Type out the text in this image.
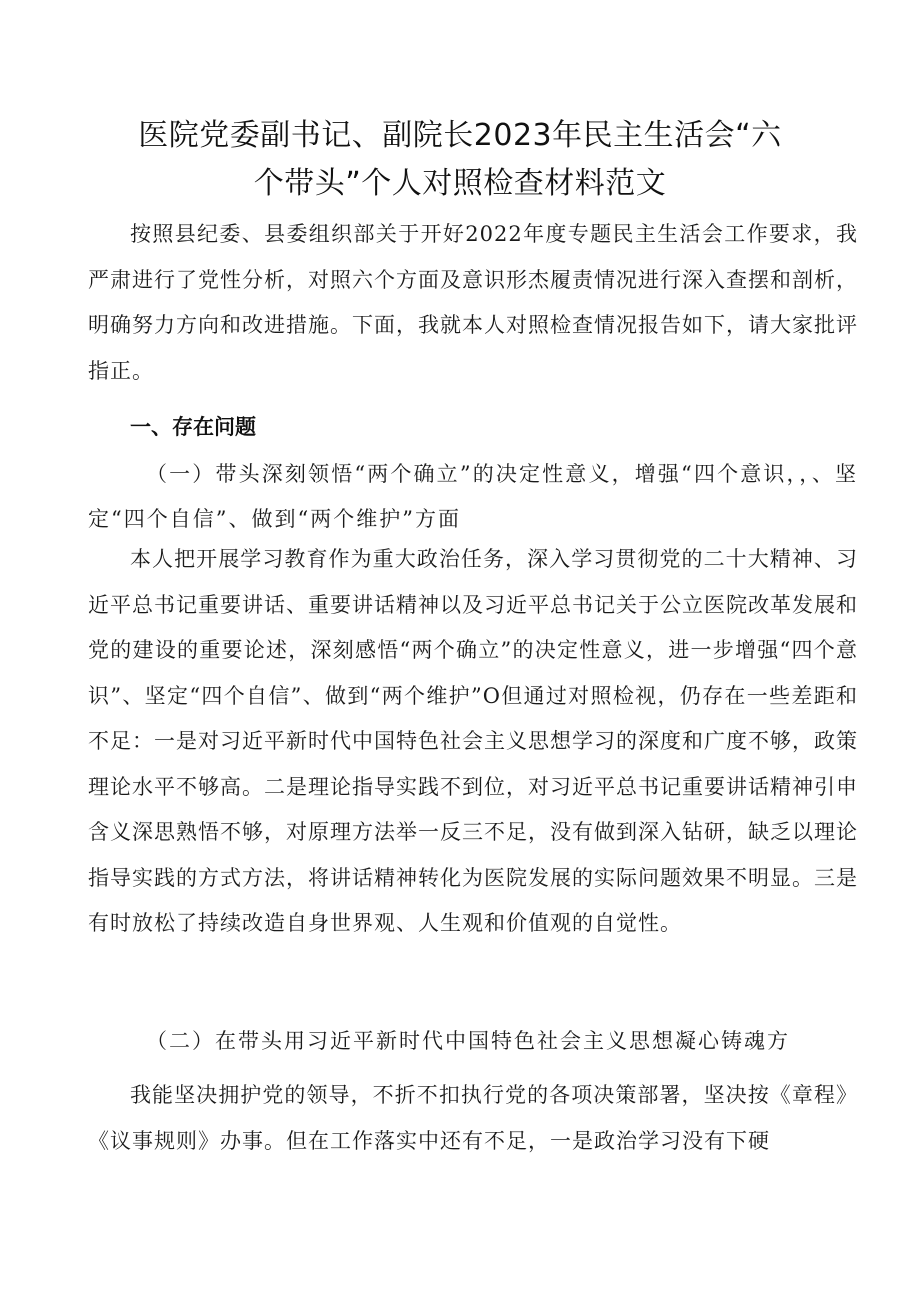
医院党委副书记、副院长2023年民主生活会“六
个带头”个人对照检查材料范文

按照县纪委、县委组织部关于开好2022年度专题民主生活会工作要求，我严肃进行了党性分析，对照六个方面及意识形杰履责情况进行深入查摆和剖析，明确努力方向和改进措施。下面，我就本人对照检查情况报告如下，请大家批评指正。

一、存在问题

（一）带头深刻领悟“两个确立”的决定性意义，增强“四个意识，，、坚定“四个自信”、做到“两个维护”方面

本人把开展学习教育作为重大政治任务，深入学习贯彻党的二十大精神、习近平总书记重要讲话、重要讲话精神以及习近平总书记关于公立医院改革发展和党的建设的重要论述，深刻感悟“两个确立”的决定性意义，进一步增强“四个意识”、坚定“四个自信”、做到“两个维护”O但通过对照检视，仍存在一些差距和不足：一是对习近平新时代中国特色社会主义思想学习的深度和广度不够，政策理论水平不够高。二是理论指导实践不到位，对习近平总书记重要讲话精神引申含义深思熟悟不够，对原理方法举一反三不足，没有做到深入钻研，缺乏以理论指导实践的方式方法，将讲话精神转化为医院发展的实际问题效果不明显。三是有时放松了持续改造自身世界观、人生观和价值观的自觉性。

（二）在带头用习近平新时代中国特色社会主义思想凝心铸魂方

我能坚决拥护党的领导，不折不扣执行党的各项决策部署，坚决按《章程》《议事规则》办事。但在工作落实中还有不足，一是政治学习没有下硬
